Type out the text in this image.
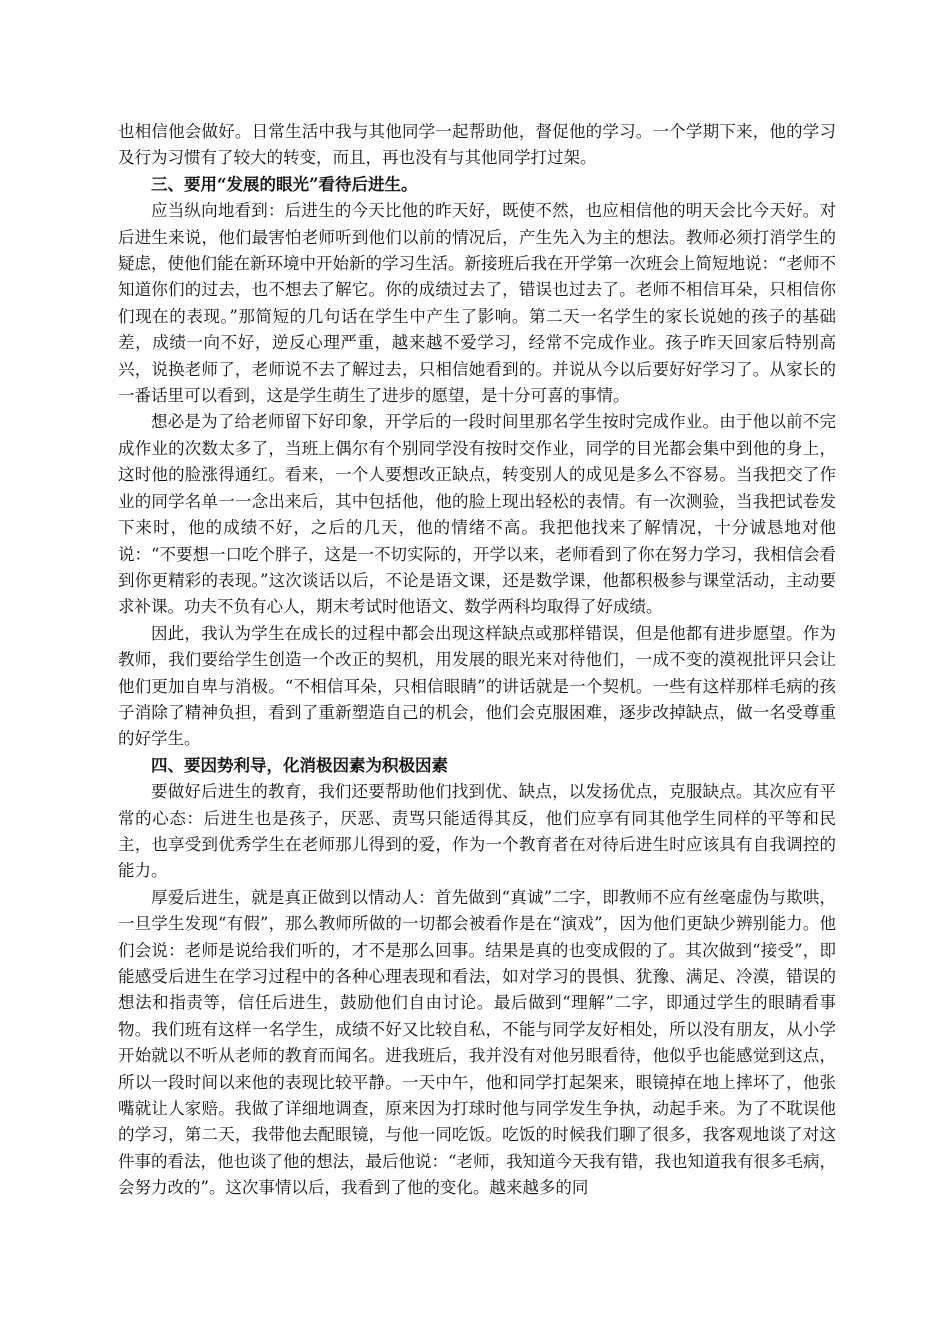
也相信他会做好。日常生活中我与其他同学一起帮助他，督促他的学习。一个学期下来，他的学习及行为习惯有了较大的转变，而且，再也没有与其他同学打过架。

三、要用“发展的眼光”看待后进生。

应当纵向地看到：后进生的今天比他的昨天好，既使不然，也应相信他的明天会比今天好。对后进生来说，他们最害怕老师听到他们以前的情况后，产生先入为主的想法。教师必须打消学生的疑虑，使他们能在新环境中开始新的学习生活。新接班后我在开学第一次班会上简短地说：“老师不知道你们的过去，也不想去了解它。你的成绩过去了，错误也过去了。老师不相信耳朵，只相信你们现在的表现。”那简短的几句话在学生中产生了影响。第二天一名学生的家长说她的孩子的基础差，成绩一向不好，逆反心理严重，越来越不爱学习，经常不完成作业。孩子昨天回家后特别高兴，说换老师了，老师说不去了解过去，只相信她看到的。并说从今以后要好好学习了。从家长的一番话里可以看到，这是学生萌生了进步的愿望，是十分可喜的事情。

想必是为了给老师留下好印象，开学后的一段时间里那名学生按时完成作业。由于他以前不完成作业的次数太多了，当班上偶尔有个别同学没有按时交作业，同学的目光都会集中到他的身上，这时他的脸涨得通红。看来，一个人要想改正缺点，转变别人的成见是多么不容易。当我把交了作业的同学名单一一念出来后，其中包括他，他的脸上现出轻松的表情。有一次测验，当我把试卷发下来时，他的成绩不好，之后的几天，他的情绪不高。我把他找来了解情况，十分诚恳地对他说：“不要想一口吃个胖子，这是一不切实际的，开学以来，老师看到了你在努力学习，我相信会看到你更精彩的表现。”这次谈话以后，不论是语文课，还是数学课，他都积极参与课堂活动，主动要求补课。功夫不负有心人，期末考试时他语文、数学两科均取得了好成绩。

因此，我认为学生在成长的过程中都会出现这样缺点或那样错误，但是他都有进步愿望。作为教师，我们要给学生创造一个改正的契机，用发展的眼光来对待他们，一成不变的漠视批评只会让他们更加自卑与消极。“不相信耳朵，只相信眼睛”的讲话就是一个契机。一些有这样那样毛病的孩子消除了精神负担，看到了重新塑造自己的机会，他们会克服困难，逐步改掉缺点，做一名受尊重的好学生。

四、要因势利导，化消极因素为积极因素

要做好后进生的教育，我们还要帮助他们找到优、缺点，以发扬优点，克服缺点。其次应有平常的心态：后进生也是孩子，厌恶、责骂只能适得其反，他们应享有同其他学生同样的平等和民主，也享受到优秀学生在老师那儿得到的爱，作为一个教育者在对待后进生时应该具有自我调控的能力。

厚爱后进生，就是真正做到以情动人：首先做到“真诚”二字，即教师不应有丝毫虚伪与欺哄，一旦学生发现“有假”，那么教师所做的一切都会被看作是在“演戏”，因为他们更缺少辨别能力。他们会说：老师是说给我们听的，才不是那么回事。结果是真的也变成假的了。其次做到“接受”，即能感受后进生在学习过程中的各种心理表现和看法，如对学习的畏惧、犹豫、满足、冷漠，错误的想法和指责等，信任后进生，鼓励他们自由讨论。最后做到“理解”二字，即通过学生的眼睛看事物。我们班有这样一名学生，成绩不好又比较自私，不能与同学友好相处，所以没有朋友，从小学开始就以不听从老师的教育而闻名。进我班后，我并没有对他另眼看待，他似乎也能感觉到这点，所以一段时间以来他的表现比较平静。一天中午，他和同学打起架来，眼镜掉在地上摔坏了，他张嘴就让人家赔。我做了详细地调查，原来因为打球时他与同学发生争执，动起手来。为了不耽误他的学习，第二天，我带他去配眼镜，与他一同吃饭。吃饭的时候我们聊了很多，我客观地谈了对这件事的看法，他也谈了他的想法，最后他说：“老师，我知道今天我有错，我也知道我有很多毛病，会努力改的”。这次事情以后，我看到了他的变化。越来越多的同
